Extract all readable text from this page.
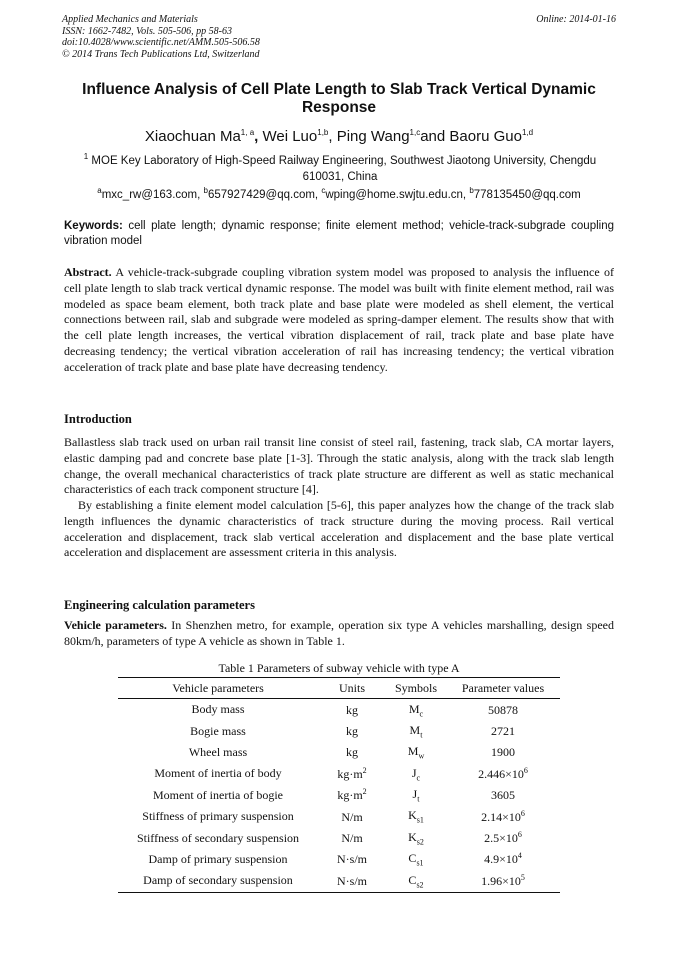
Applied Mechanics and Materials
ISSN: 1662-7482, Vols. 505-506, pp 58-63
doi:10.4028/www.scientific.net/AMM.505-506.58
© 2014 Trans Tech Publications Ltd, Switzerland
Online: 2014-01-16
Influence Analysis of Cell Plate Length to Slab Track Vertical Dynamic Response
Xiaochuan Ma$^{1, a}$, Wei Luo$^{1,b}$, Ping Wang$^{1,c}$and Baoru Guo$^{1,d}$
$^1$ MOE Key Laboratory of High-Speed Railway Engineering, Southwest Jiaotong University, Chengdu 610031, China
$^a$mxc_rw@163.com, $^b$657927429@qq.com, $^c$wping@home.swjtu.edu.cn, $^b$778135450@qq.com
Keywords: cell plate length; dynamic response; finite element method; vehicle-track-subgrade coupling vibration model
Abstract. A vehicle-track-subgrade coupling vibration system model was proposed to analysis the influence of cell plate length to slab track vertical dynamic response. The model was built with finite element method, rail was modeled as space beam element, both track plate and base plate were modeled as shell element, the vertical connections between rail, slab and subgrade were modeled as spring-damper element. The results show that with the cell plate length increases, the vertical vibration displacement of rail, track plate and base plate have decreasing tendency; the vertical vibration acceleration of rail has increasing tendency; the vertical vibration acceleration of track plate and base plate have decreasing tendency.
Introduction
Ballastless slab track used on urban rail transit line consist of steel rail, fastening, track slab, CA mortar layers, elastic damping pad and concrete base plate [1-3]. Through the static analysis, along with the track slab length change, the overall mechanical characteristics of track plate structure are different as well as static mechanical characteristics of each track component structure [4].
By establishing a finite element model calculation [5-6], this paper analyzes how the change of the track slab length influences the dynamic characteristics of track structure during the moving process. Rail vertical acceleration and displacement, track slab vertical acceleration and displacement and the base plate vertical acceleration and displacement are assessment criteria in this analysis.
Engineering calculation parameters
Vehicle parameters. In Shenzhen metro, for example, operation six type A vehicles marshalling, design speed 80km/h, parameters of type A vehicle as shown in Table 1.
Table 1 Parameters of subway vehicle with type A
Vehicle parameters	Units	Symbols	Parameter values
Body mass	kg	$M_c$	50878
Bogie mass	kg	$M_t$	2721
Wheel mass	kg	$M_w$	1900
Moment of inertia of body	$kg\cdot m^2$	$J_c$	$2.446\times 10^6$
Moment of inertia of bogie	$kg\cdot m^2$	$J_t$	3605
Stiffness of primary suspension	N/m	$K_{s1}$	$2.14\times 10^6$
Stiffness of secondary suspension	N/m	$K_{s2}$	$2.5\times 10^6$
Damp of primary suspension	N·s/m	$C_{s1}$	$4.9\times 10^4$
Damp of secondary suspension	N·s/m	$C_{s2}$	$1.96\times 10^5$
